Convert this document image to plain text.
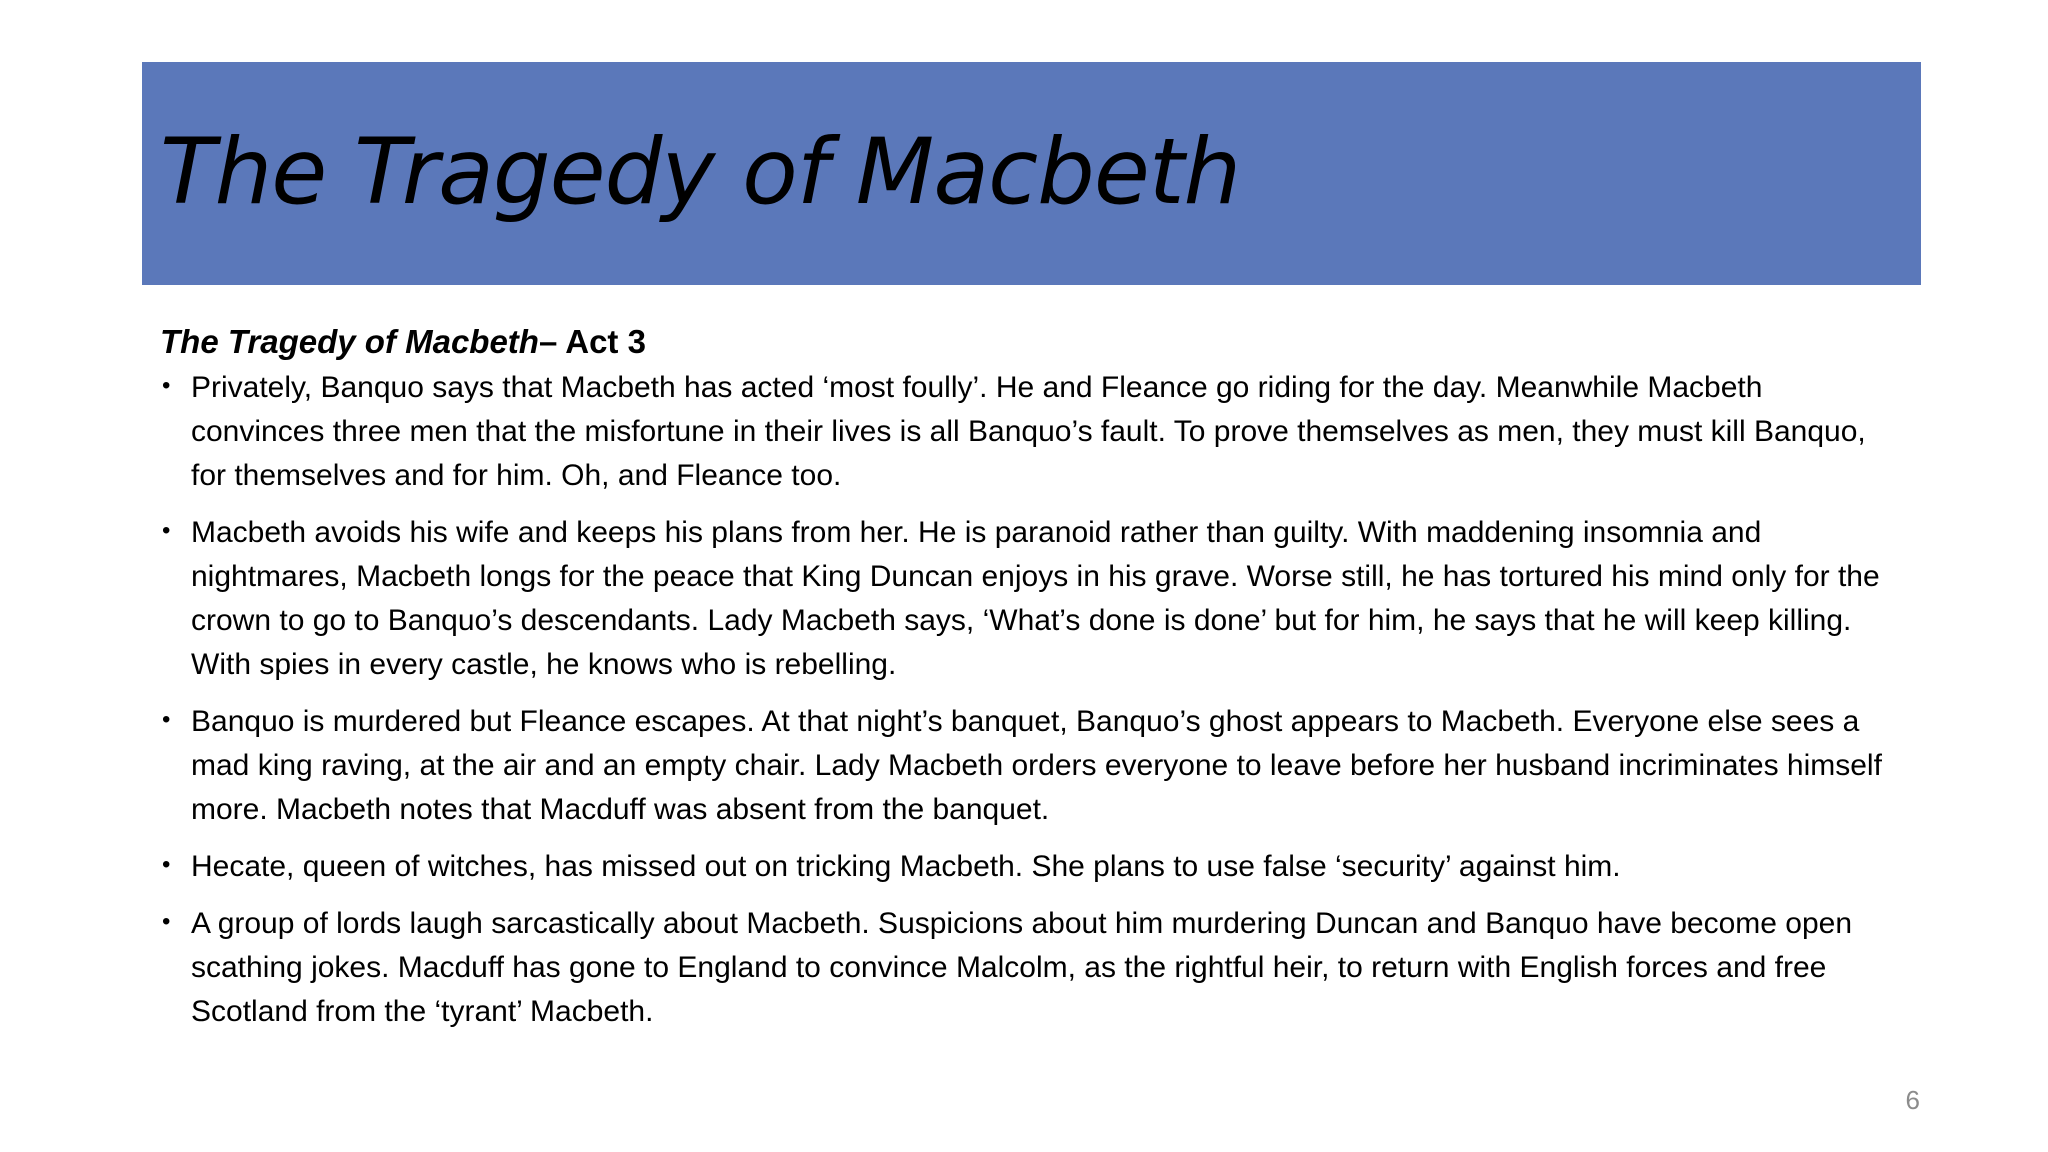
The Tragedy of Macbeth
The Tragedy of Macbeth– Act 3
• Privately, Banquo says that Macbeth has acted ‘most foully’. He and Fleance go riding for the day. Meanwhile Macbeth convinces three men that the misfortune in their lives is all Banquo’s fault. To prove themselves as men, they must kill Banquo, for themselves and for him. Oh, and Fleance too.
• Macbeth avoids his wife and keeps his plans from her. He is paranoid rather than guilty. With maddening insomnia and nightmares, Macbeth longs for the peace that King Duncan enjoys in his grave. Worse still, he has tortured his mind only for the crown to go to Banquo’s descendants. Lady Macbeth says, ‘What’s done is done’ but for him, he says that he will keep killing. With spies in every castle, he knows who is rebelling.
• Banquo is murdered but Fleance escapes. At that night’s banquet, Banquo’s ghost appears to Macbeth. Everyone else sees a mad king raving, at the air and an empty chair. Lady Macbeth orders everyone to leave before her husband incriminates himself more. Macbeth notes that Macduff was absent from the banquet.
• Hecate, queen of witches, has missed out on tricking Macbeth. She plans to use false ‘security’ against him.
• A group of lords laugh sarcastically about Macbeth. Suspicions about him murdering Duncan and Banquo have become open scathing jokes. Macduff has gone to England to convince Malcolm, as the rightful heir, to return with English forces and free Scotland from the ‘tyrant’ Macbeth.
6
